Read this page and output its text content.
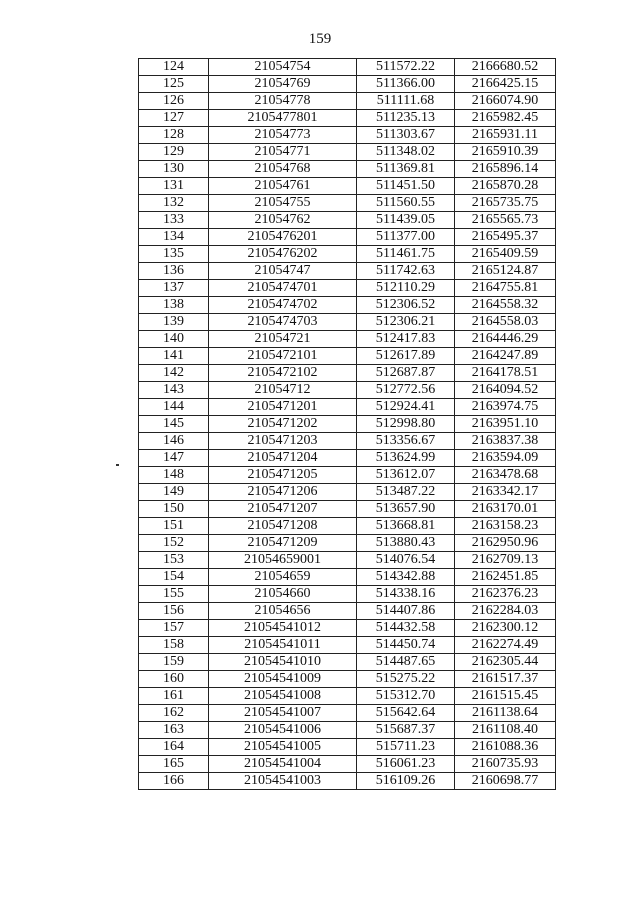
159
124	21054754	511572.22	2166680.52
125	21054769	511366.00	2166425.15
126	21054778	511111.68	2166074.90
127	2105477801	511235.13	2165982.45
128	21054773	511303.67	2165931.11
129	21054771	511348.02	2165910.39
130	21054768	511369.81	2165896.14
131	21054761	511451.50	2165870.28
132	21054755	511560.55	2165735.75
133	21054762	511439.05	2165565.73
134	2105476201	511377.00	2165495.37
135	2105476202	511461.75	2165409.59
136	21054747	511742.63	2165124.87
137	2105474701	512110.29	2164755.81
138	2105474702	512306.52	2164558.32
139	2105474703	512306.21	2164558.03
140	21054721	512417.83	2164446.29
141	2105472101	512617.89	2164247.89
142	2105472102	512687.87	2164178.51
143	21054712	512772.56	2164094.52
144	2105471201	512924.41	2163974.75
145	2105471202	512998.80	2163951.10
146	2105471203	513356.67	2163837.38
147	2105471204	513624.99	2163594.09
148	2105471205	513612.07	2163478.68
149	2105471206	513487.22	2163342.17
150	2105471207	513657.90	2163170.01
151	2105471208	513668.81	2163158.23
152	2105471209	513880.43	2162950.96
153	21054659001	514076.54	2162709.13
154	21054659	514342.88	2162451.85
155	21054660	514338.16	2162376.23
156	21054656	514407.86	2162284.03
157	21054541012	514432.58	2162300.12
158	21054541011	514450.74	2162274.49
159	21054541010	514487.65	2162305.44
160	21054541009	515275.22	2161517.37
161	21054541008	515312.70	2161515.45
162	21054541007	515642.64	2161138.64
163	21054541006	515687.37	2161108.40
164	21054541005	515711.23	2161088.36
165	21054541004	516061.23	2160735.93
166	21054541003	516109.26	2160698.77
